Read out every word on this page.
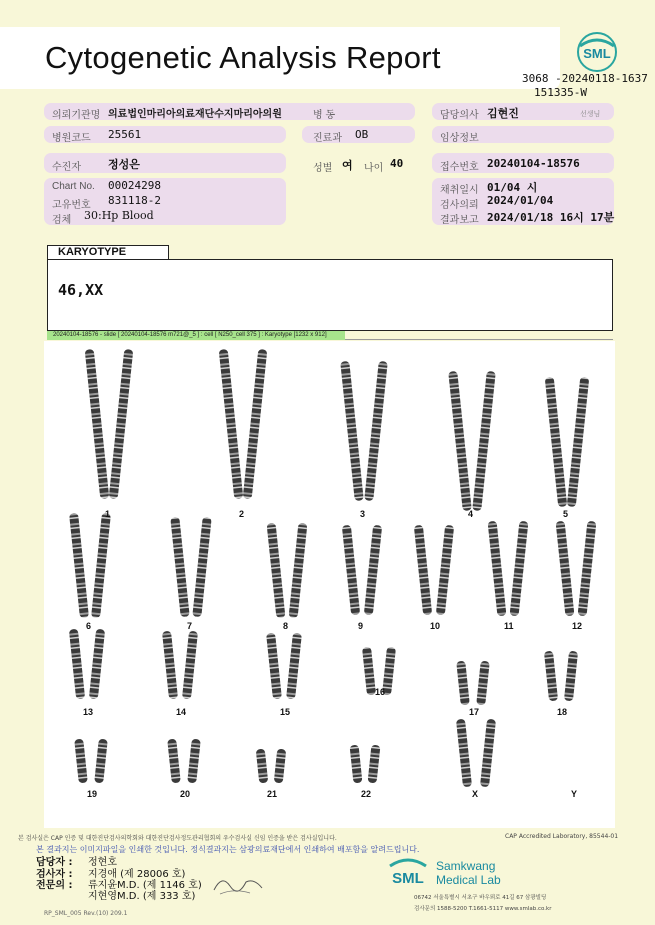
Cytogenetic Analysis Report	SML
3068 -20240118-1637
151335-W
의뢰기관명 의료법인마리아의료재단수지마리아의원	병 동	담당의사 김현진	선생님
병원코드 25561	진료과 OB	임상정보
수진자 정성은	성별 여 나이 40	접수번호 20240104-18576
Chart No. 00024298
고유번호 831118-2
검체 30:Hp Blood
채취일시 01/04 시
검사의뢰 2024/01/04
결과보고 2024/01/18 16시 17분
KARYOTYPE
46,XX
20240104-18576 - slide [ 20240104-18576 m721@_5 ] : cell [ N250_cell 375 ] : Karyotype [1232 x 912]
1	2	3	4	5
6	7	8	9	10	11	12
13	14	15
16
17	18
19	20	21	22	X	Y
본 검사실은 CAP 인증 및 대한진단검사의학회와 대한진단검사정도관리협회의 우수검사실 신임 인증을 받은 검사실입니다.	CAP Accredited Laboratory, 85544-01
본 결과지는 이미지파일을 인쇄한 것입니다. 정식결과지는 삼광의료재단에서 인쇄하여 배포함을 알려드립니다.
담당자 : 정현호
검사자 : 지경애 (제 28006 호)
전문의 : 류지윤M.D. (제 1146 호)
지현영M.D. (제 333 호)
SML
Samkwang
Medical Lab
06742 서울특별시 서초구 바우뫼로 41길 67 삼광빌딩
검사문의 1588-5200 T.1661-5117 www.smlab.co.kr
RP_SML_005 Rev.(10) 209.1
